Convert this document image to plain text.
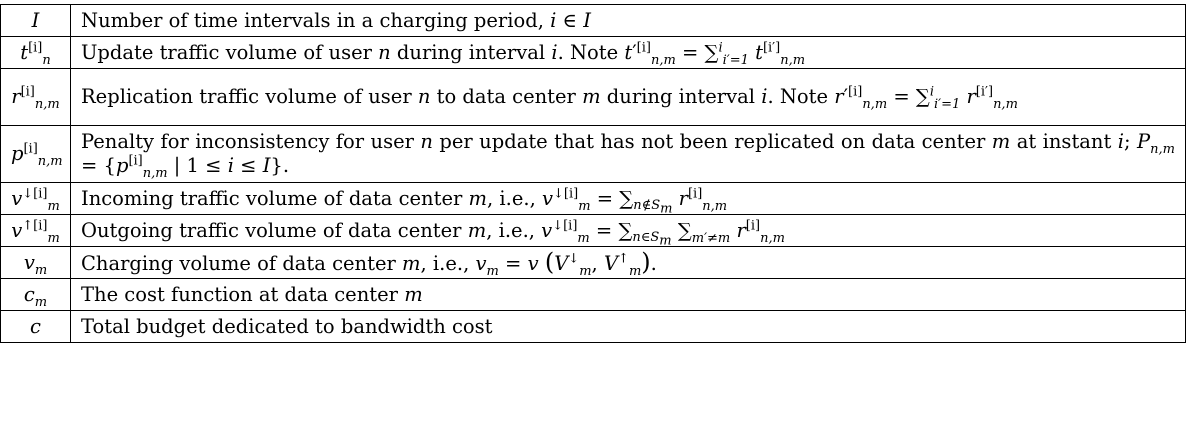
I	Number of time intervals in a charging period, i ∈ I
$t[i]_n$	Update traffic volume of user n during interval i. Note $t'[i]_{n,m} = \sum^i_{i'=1}$ $t[i']_{n,m}$
$r[i]_{n,m}$	Replication traffic volume of user n to data center m during interval i. Note $r'[i]_{n,m} = \sum^i_{i'=1}$ $r[i']_{n,m}$

$p[i]_{n,m}$	Penalty for inconsistency for user n per update that has not been replicated on data center m at instant i; $P_{n,m} = \{p[i]_{n,m}$ | 1 ≤ i ≤ I}.

$v^{↓[i]}_m$	Incoming traffic volume of data center m, i.e., $v^{↓[i]}_m = \sum_{n\notin S_m}$ $r[i]_{n,m}$
$v^{↑[i]}_m$	Outgoing traffic volume of data center m, i.e., $v^{↓[i]}_m = \sum_{n\in S_m}$ $\sum_{m'\ne m}$ $r[i]_{n,m}$
$v_m$	Charging volume of data center m, i.e., $v_m = v$ ($V^↓_m$, $V^↑_m$).
$c_m$	The cost function at data center m
c	Total budget dedicated to bandwidth cost
